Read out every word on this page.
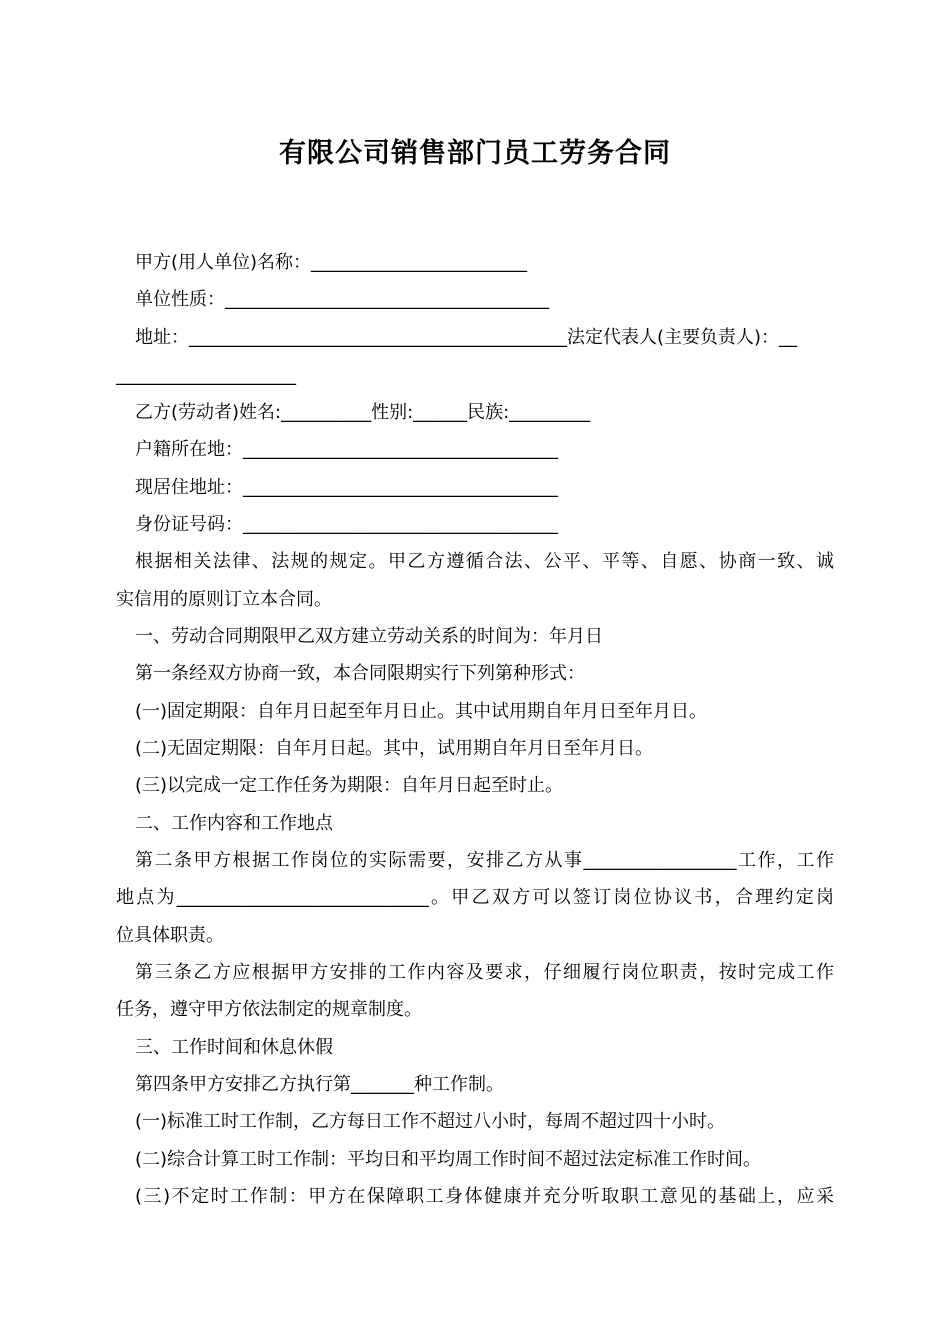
有限公司销售部门员工劳务合同
甲方(用人单位)名称：________________________
单位性质：____________________________________
地址：__________________________________________法定代表人(主要负责人)：__
____________________
乙方(劳动者)姓名:__________性别:______民族:_________
户籍所在地：___________________________________
现居住地址：___________________________________
身份证号码：___________________________________
根据相关法律、法规的规定。甲乙方遵循合法、公平、平等、自愿、协商一致、诚
实信用的原则订立本合同。
一、劳动合同期限甲乙双方建立劳动关系的时间为：年月日
第一条经双方协商一致，本合同限期实行下列第种形式：
(一)固定期限：自年月日起至年月日止。其中试用期自年月日至年月日。
(二)无固定期限：自年月日起。其中，试用期自年月日至年月日。
(三)以完成一定工作任务为期限：自年月日起至时止。
二、工作内容和工作地点
第二条甲方根据工作岗位的实际需要，安排乙方从事_________________工作，工作
地点为____________________________。甲乙双方可以签订岗位协议书，合理约定岗
位具体职责。
第三条乙方应根据甲方安排的工作内容及要求，仔细履行岗位职责，按时完成工作
任务，遵守甲方依法制定的规章制度。
三、工作时间和休息休假
第四条甲方安排乙方执行第_______种工作制。
(一)标准工时工作制，乙方每日工作不超过八小时，每周不超过四十小时。
(二)综合计算工时工作制：平均日和平均周工作时间不超过法定标准工作时间。
(三)不定时工作制：甲方在保障职工身体健康并充分听取职工意见的基础上，应采
